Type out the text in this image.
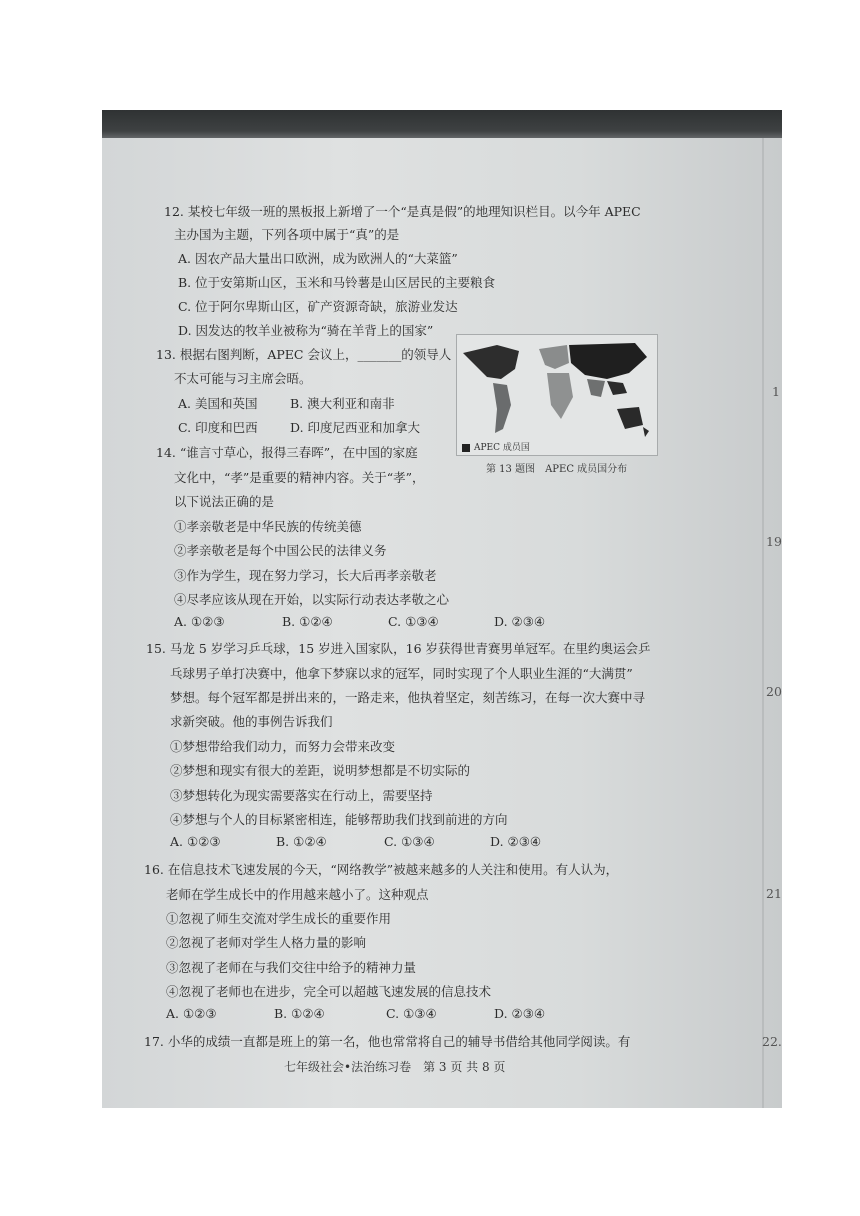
12. 某校七年级一班的黑板报上新增了一个“是真是假”的地理知识栏目。以今年 APEC
主办国为主题，下列各项中属于“真”的是
A. 因农产品大量出口欧洲，成为欧洲人的“大菜篮”
B. 位于安第斯山区，玉米和马铃薯是山区居民的主要粮食
C. 位于阿尔卑斯山区，矿产资源奇缺，旅游业发达
D. 因发达的牧羊业被称为“骑在羊背上的国家”
APEC 成员国
第 13 题图　APEC 成员国分布
13. 根据右图判断，APEC 会议上，_______的领导人
不太可能与习主席会晤。
A. 美国和英国	B. 澳大利亚和南非
C. 印度和巴西	D. 印度尼西亚和加拿大
14. “谁言寸草心，报得三春晖”，在中国的家庭
文化中，“孝”是重要的精神内容。关于“孝”，
以下说法正确的是
①孝亲敬老是中华民族的传统美德
②孝亲敬老是每个中国公民的法律义务
③作为学生，现在努力学习，长大后再孝亲敬老
④尽孝应该从现在开始，以实际行动表达孝敬之心
A. ①②③	B. ①②④	C. ①③④	D. ②③④
15. 马龙 5 岁学习乒乓球，15 岁进入国家队，16 岁获得世青赛男单冠军。在里约奥运会乒
乓球男子单打决赛中，他拿下梦寐以求的冠军，同时实现了个人职业生涯的“大满贯”
梦想。每个冠军都是拼出来的，一路走来，他执着坚定，刻苦练习，在每一次大赛中寻
求新突破。他的事例告诉我们
①梦想带给我们动力，而努力会带来改变
②梦想和现实有很大的差距，说明梦想都是不切实际的
③梦想转化为现实需要落实在行动上，需要坚持
④梦想与个人的目标紧密相连，能够帮助我们找到前进的方向
A. ①②③	B. ①②④	C. ①③④	D. ②③④
16. 在信息技术飞速发展的今天，“网络教学”被越来越多的人关注和使用。有人认为，
老师在学生成长中的作用越来越小了。这种观点
①忽视了师生交流对学生成长的重要作用
②忽视了老师对学生人格力量的影响
③忽视了老师在与我们交往中给予的精神力量
④忽视了老师也在进步，完全可以超越飞速发展的信息技术
A. ①②③	B. ①②④	C. ①③④	D. ②③④
17. 小华的成绩一直都是班上的第一名，他也常常将自己的辅导书借给其他同学阅读。有
七年级社会•法治练习卷　第 3 页 共 8 页
1
19
20
21
22.
